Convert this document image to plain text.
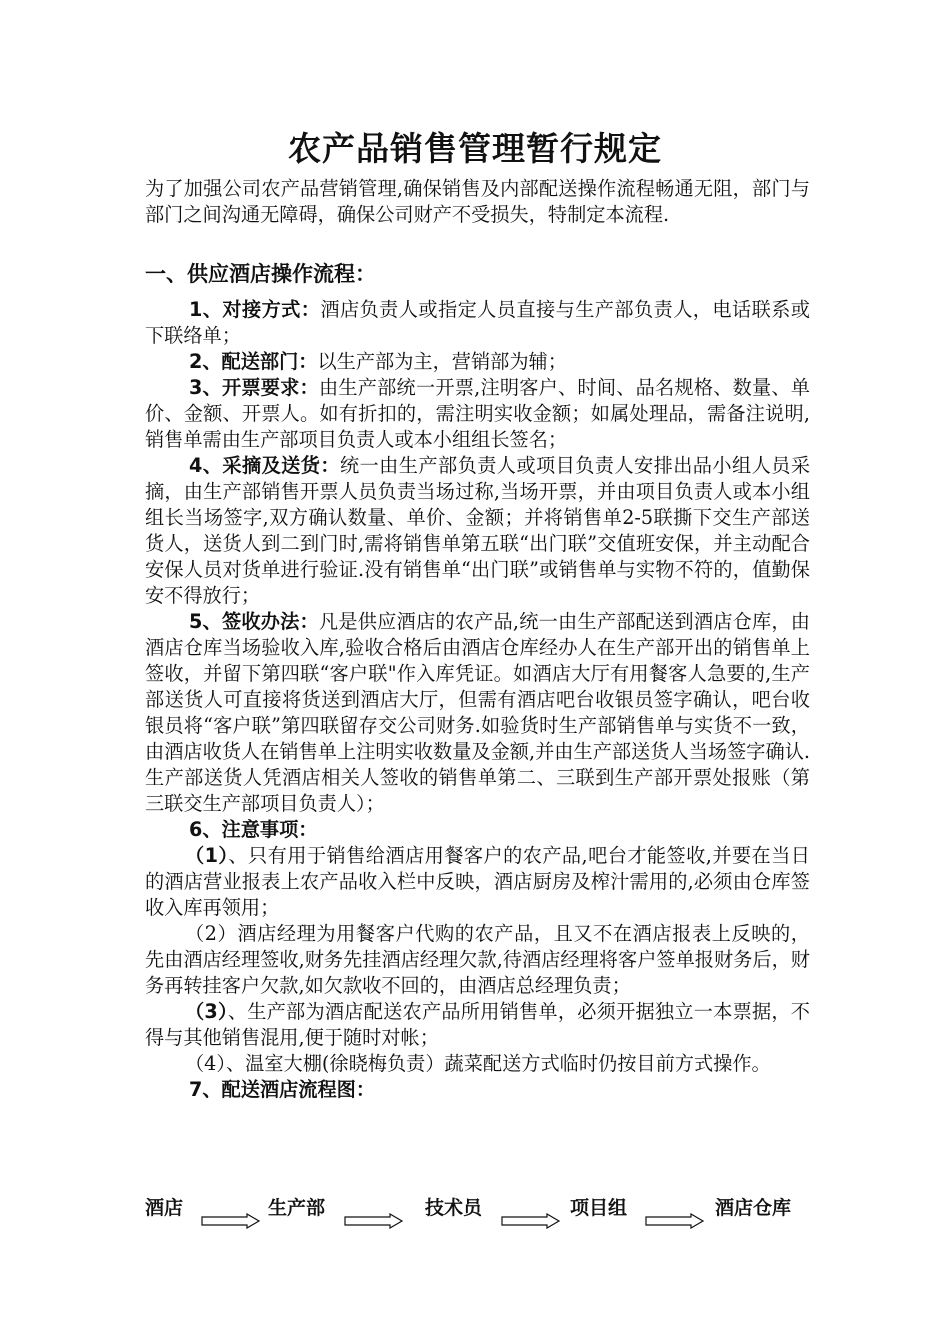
农产品销售管理暂行规定
为了加强公司农产品营销管理,确保销售及内部配送操作流程畅通无阻，部门与部门之间沟通无障碍，确保公司财产不受损失，特制定本流程.
一、供应酒店操作流程：

1、对接方式：酒店负责人或指定人员直接与生产部负责人，电话联系或下联络单；

2、配送部门：以生产部为主，营销部为辅；

3、开票要求：由生产部统一开票,注明客户、时间、品名规格、数量、单价、金额、开票人。如有折扣的，需注明实收金额；如属处理品，需备注说明,销售单需由生产部项目负责人或本小组组长签名；

4、采摘及送货：统一由生产部负责人或项目负责人安排出品小组人员采摘，由生产部销售开票人员负责当场过称,当场开票，并由项目负责人或本小组组长当场签字,双方确认数量、单价、金额；并将销售单2-5联撕下交生产部送货人，送货人到二到门时,需将销售单第五联“出门联”交值班安保，并主动配合安保人员对货单进行验证.没有销售单“出门联”或销售单与实物不符的，值勤保安不得放行；

5、签收办法：凡是供应酒店的农产品,统一由生产部配送到酒店仓库，由酒店仓库当场验收入库,验收合格后由酒店仓库经办人在生产部开出的销售单上签收，并留下第四联“客户联"作入库凭证。如酒店大厅有用餐客人急要的,生产部送货人可直接将货送到酒店大厅，但需有酒店吧台收银员签字确认，吧台收银员将“客户联”第四联留存交公司财务.如验货时生产部销售单与实货不一致，由酒店收货人在销售单上注明实收数量及金额,并由生产部送货人当场签字确认.生产部送货人凭酒店相关人签收的销售单第二、三联到生产部开票处报账（第三联交生产部项目负责人）；

6、注意事项：

（1）、只有用于销售给酒店用餐客户的农产品,吧台才能签收,并要在当日的酒店营业报表上农产品收入栏中反映，酒店厨房及榨汁需用的,必须由仓库签收入库再领用；

（2）酒店经理为用餐客户代购的农产品，且又不在酒店报表上反映的，先由酒店经理签收,财务先挂酒店经理欠款,待酒店经理将客户签单报财务后，财务再转挂客户欠款,如欠款收不回的，由酒店总经理负责；

（3）、生产部为酒店配送农产品所用销售单，必须开据独立一本票据，不得与其他销售混用,便于随时对帐；

（4）、温室大棚(徐晓梅负责）蔬菜配送方式临时仍按目前方式操作。

7、配送酒店流程图：

酒店	生产部	技术员	项目组	酒店仓库
